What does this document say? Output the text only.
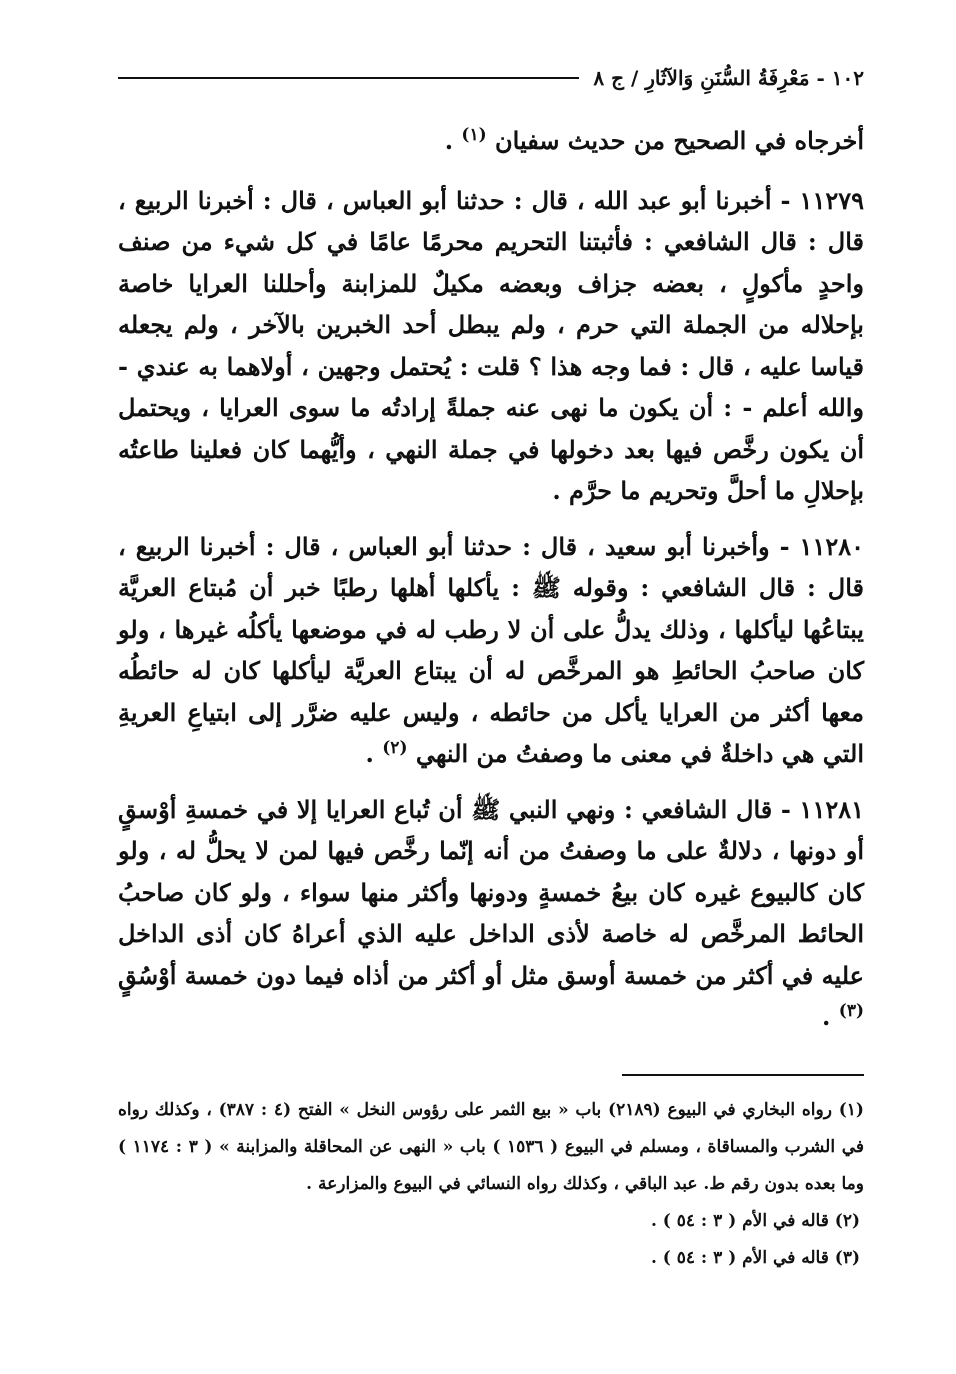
١٠٢ - مَعْرِفَةُ السُّنَنِ وَالآثَارِ / ج ٨

أخرجاه في الصحيح من حديث سفيان $^{(١)}$ .

١١٢٧٩ - أخبرنا أبو عبد الله ، قال : حدثنا أبو العباس ، قال : أخبرنا الربيع ، قال : قال الشافعي : فأثبتنا التحريم محرمًا عامًا في كل شيء من صنف واحدٍ مأكولٍ ، بعضه جزاف وبعضه مكيلٌ للمزابنة وأحللنا العرايا خاصة بإحلاله من الجملة التي حرم ، ولم يبطل أحد الخبرين بالآخر ، ولم يجعله قياسا عليه ، قال : فما وجه هذا ؟ قلت : يُحتمل وجهين ، أولاهما به عندي - والله أعلم - : أن يكون ما نهى عنه جملةً إرادتُه ما سوى العرايا ، ويحتمل أن يكون رخَّص فيها بعد دخولها في جملة النهي ، وأيُّهما كان فعلينا طاعتُه بإحلالِ ما أحلَّ وتحريم ما حرَّم .

١١٢٨٠ - وأخبرنا أبو سعيد ، قال : حدثنا أبو العباس ، قال : أخبرنا الربيع ، قال : قال الشافعي : وقوله ﷺ : يأكلها أهلها رطبًا خبر أن مُبتاع العريَّة يبتاعُها ليأكلها ، وذلك يدلُّ على أن لا رطب له في موضعها يأكلُه غيرها ، ولو كان صاحبُ الحائطِ هو المرخَّص له أن يبتاع العريَّة ليأكلها كان له حائطُه معها أكثر من العرايا يأكل من حائطه ، وليس عليه ضرَّر إلى ابتياعِ العريةِ التي هي داخلةٌ في معنى ما وصفتُ من النهي $^{(٢)}$ .

١١٢٨١ - قال الشافعي : ونهي النبي ﷺ أن تُباع العرايا إلا في خمسةِ أوْسقٍ أو دونها ، دلالةٌ على ما وصفتُ من أنه إنّما رخَّص فيها لمن لا يحلُّ له ، ولو كان كالبيوع غيره كان بيعُ خمسةٍ ودونها وأكثر منها سواء ، ولو كان صاحبُ الحائط المرخَّص له خاصة لأذى الداخل عليه الذي أعراهُ كان أذى الداخل عليه في أكثر من خمسة أوسق مثل أو أكثر من أذاه فيما دون خمسة أوْسُقٍ $^{(٣)}$ .

(١) رواه البخاري في البيوع (٢١٨٩) باب « بيع الثمر على رؤوس النخل » الفتح (٤ : ٣٨٧) ، وكذلك رواه في الشرب والمساقاة ، ومسلم في البيوع ( ١٥٣٦ ) باب « النهى عن المحاقلة والمزابنة » ( ٣ : ١١٧٤ ) وما بعده بدون رقم ط. عبد الباقي ، وكذلك رواه النسائي في البيوع والمزارعة .

(٢) قاله في الأم ( ٣ : ٥٤ ) .

(٣) قاله في الأم ( ٣ : ٥٤ ) .
